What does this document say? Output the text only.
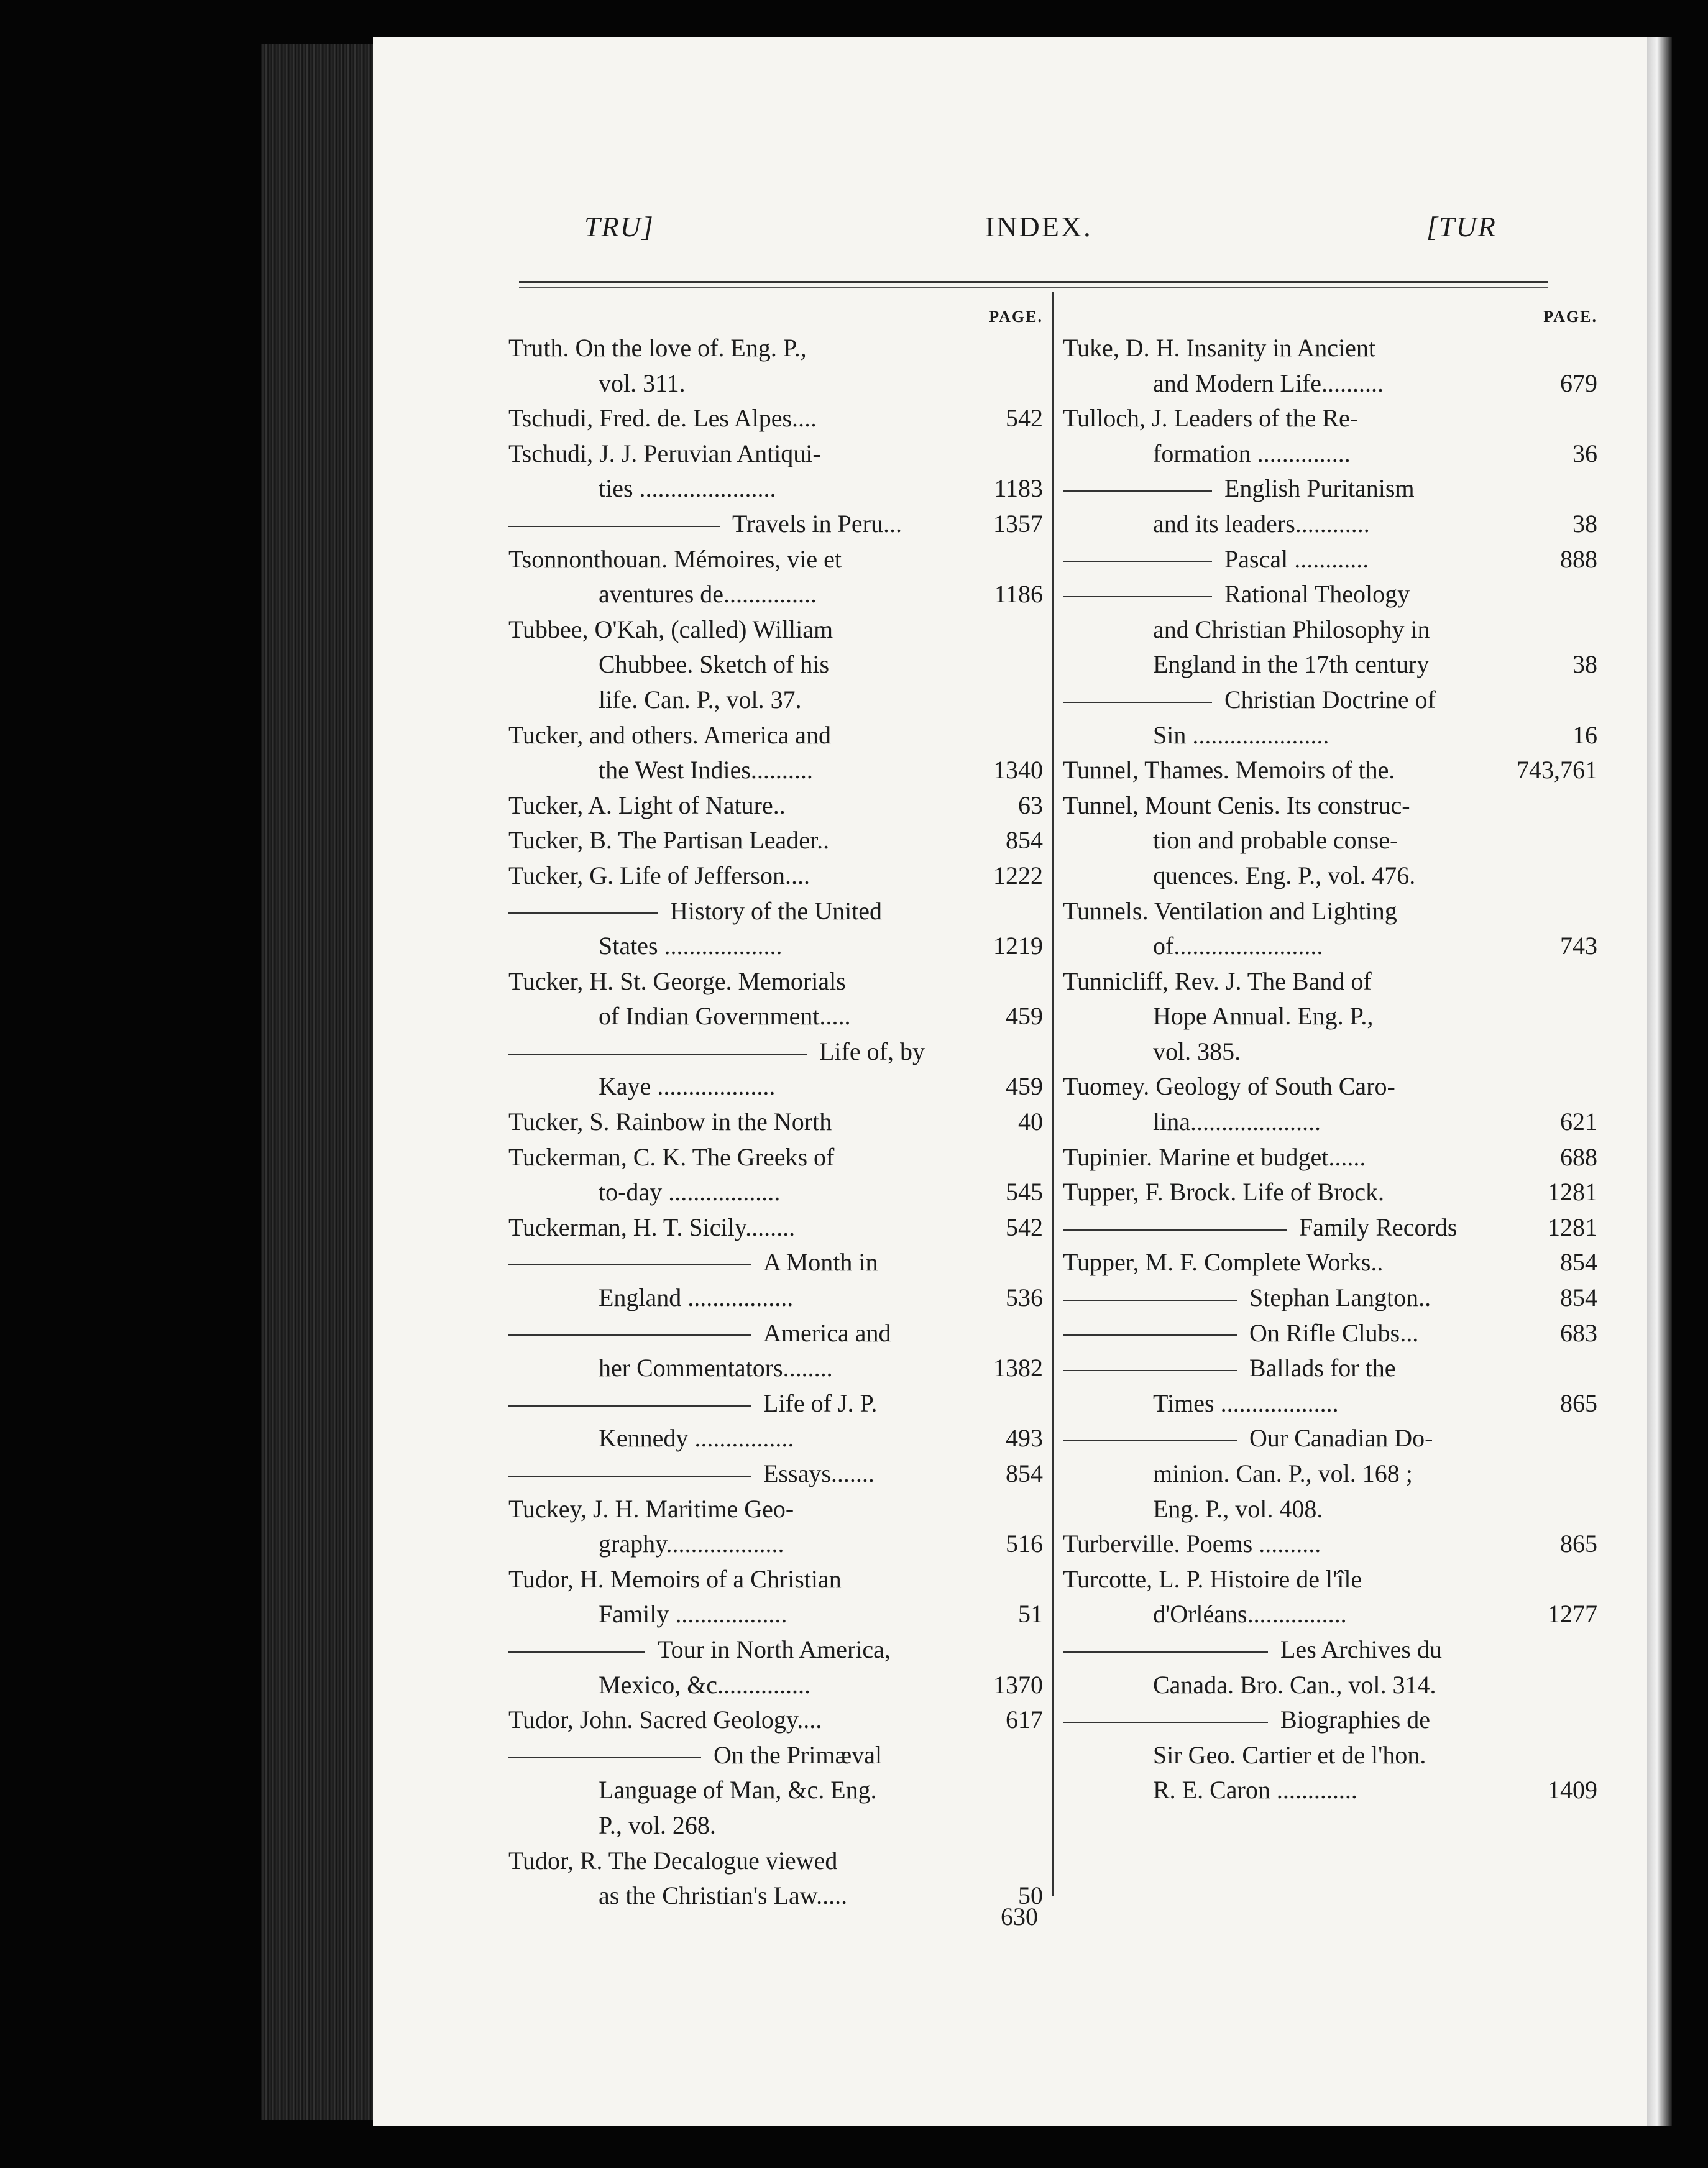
TRU]	INDEX.	[TUR
PAGE.
Truth. On the love of. Eng. P.,
vol. 311.
Tschudi, Fred. de. Les Alpes....	542
Tschudi, J. J. Peruvian Antiqui-
ties ......................	1183
Travels in Peru...	1357
Tsonnonthouan. Mémoires, vie et
aventures de...............	1186
Tubbee, O'Kah, (called) William
Chubbee. Sketch of his
life. Can. P., vol. 37.
Tucker, and others. America and
the West Indies..........	1340
Tucker, A. Light of Nature..	63
Tucker, B. The Partisan Leader..	854
Tucker, G. Life of Jefferson....	1222
History of the United
States ...................	1219
Tucker, H. St. George. Memorials
of Indian Government.....	459
Life of, by
Kaye ...................	459
Tucker, S. Rainbow in the North	40
Tuckerman, C. K. The Greeks of
to-day ..................	545
Tuckerman, H. T. Sicily........	542
A Month in
England .................	536
America and
her Commentators........	1382
Life of J. P.
Kennedy ................	493
Essays.......	854
Tuckey, J. H. Maritime Geo-
graphy...................	516
Tudor, H. Memoirs of a Christian
Family ..................	51
Tour in North America,
Mexico, &c...............	1370
Tudor, John. Sacred Geology....	617
On the Primæval
Language of Man, &c. Eng.
P., vol. 268.
Tudor, R. The Decalogue viewed
as the Christian's Law.....	50
PAGE.
Tuke, D. H. Insanity in Ancient
and Modern Life..........	679
Tulloch, J. Leaders of the Re-
formation ...............	36
English Puritanism
and its leaders............	38
Pascal ............	888
Rational Theology
and Christian Philosophy in
England in the 17th century	38
Christian Doctrine of
Sin ......................	16
Tunnel, Thames. Memoirs of the.	743,761
Tunnel, Mount Cenis. Its construc-
tion and probable conse-
quences. Eng. P., vol. 476.
Tunnels. Ventilation and Lighting
of........................	743
Tunnicliff, Rev. J. The Band of
Hope Annual. Eng. P.,
vol. 385.
Tuomey. Geology of South Caro-
lina.....................	621
Tupinier. Marine et budget......	688
Tupper, F. Brock. Life of Brock.	1281
Family Records	1281
Tupper, M. F. Complete Works..	854
Stephan Langton..	854
On Rifle Clubs...	683
Ballads for the
Times ...................	865
Our Canadian Do-
minion. Can. P., vol. 168 ;
Eng. P., vol. 408.
Turberville. Poems ..........	865
Turcotte, L. P. Histoire de l'île
d'Orléans................	1277
Les Archives du
Canada. Bro. Can., vol. 314.
Biographies de
Sir Geo. Cartier et de l'hon.
R. E. Caron .............	1409
630
